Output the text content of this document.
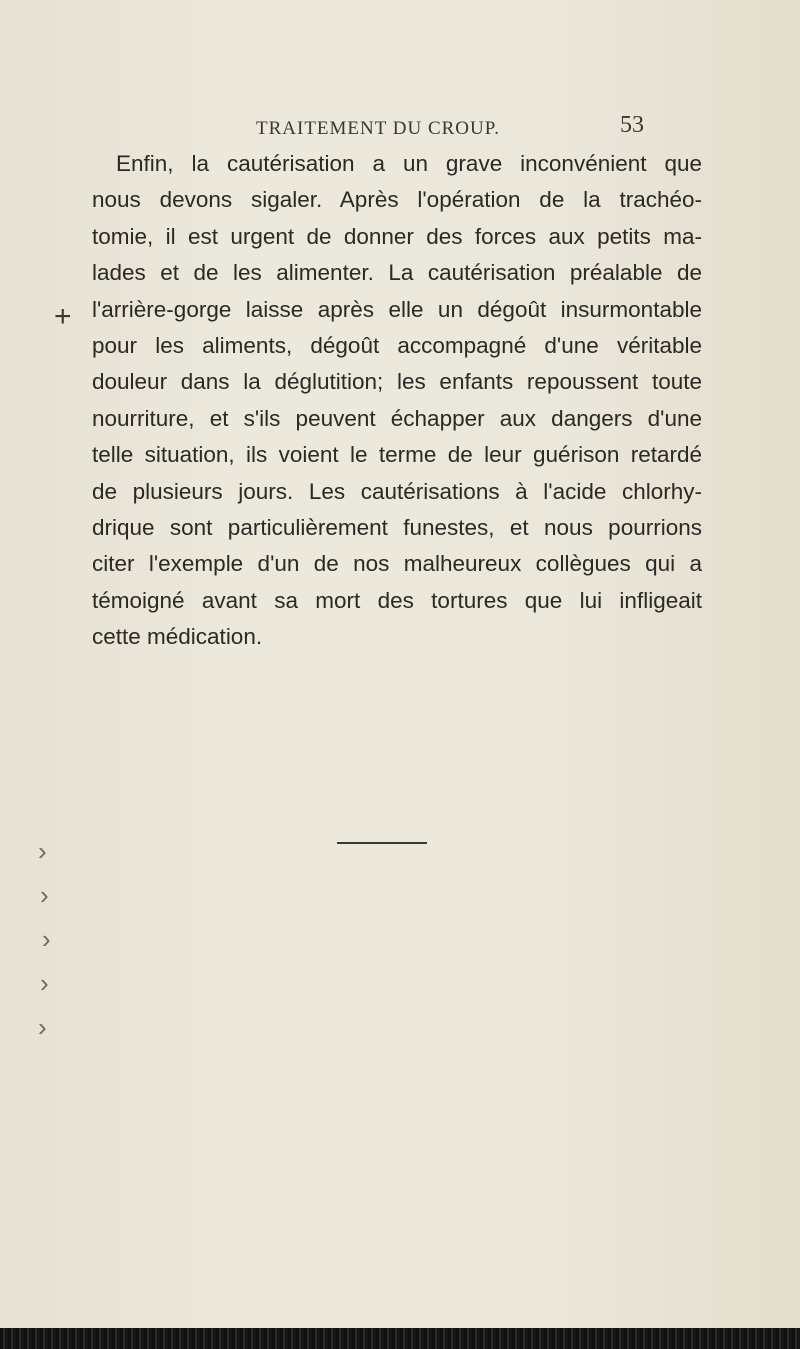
TRAITEMENT DU CROUP.	53
+
Enfin, la cautérisation a un grave inconvénient que
nous devons sigaler. Après l'opération de la trachéo-
tomie, il est urgent de donner des forces aux petits ma-
lades et de les alimenter. La cautérisation préalable de
l'arrière-gorge laisse après elle un dégoût insurmontable
pour les aliments, dégoût accompagné d'une véritable
douleur dans la déglutition; les enfants repoussent toute
nourriture, et s'ils peuvent échapper aux dangers d'une
telle situation, ils voient le terme de leur guérison retardé
de plusieurs jours. Les cautérisations à l'acide chlorhy-
drique sont particulièrement funestes, et nous pourrions
citer l'exemple d'un de nos malheureux collègues qui a
témoigné avant sa mort des tortures que lui infligeait
cette médication.
›
›
›
›
›
